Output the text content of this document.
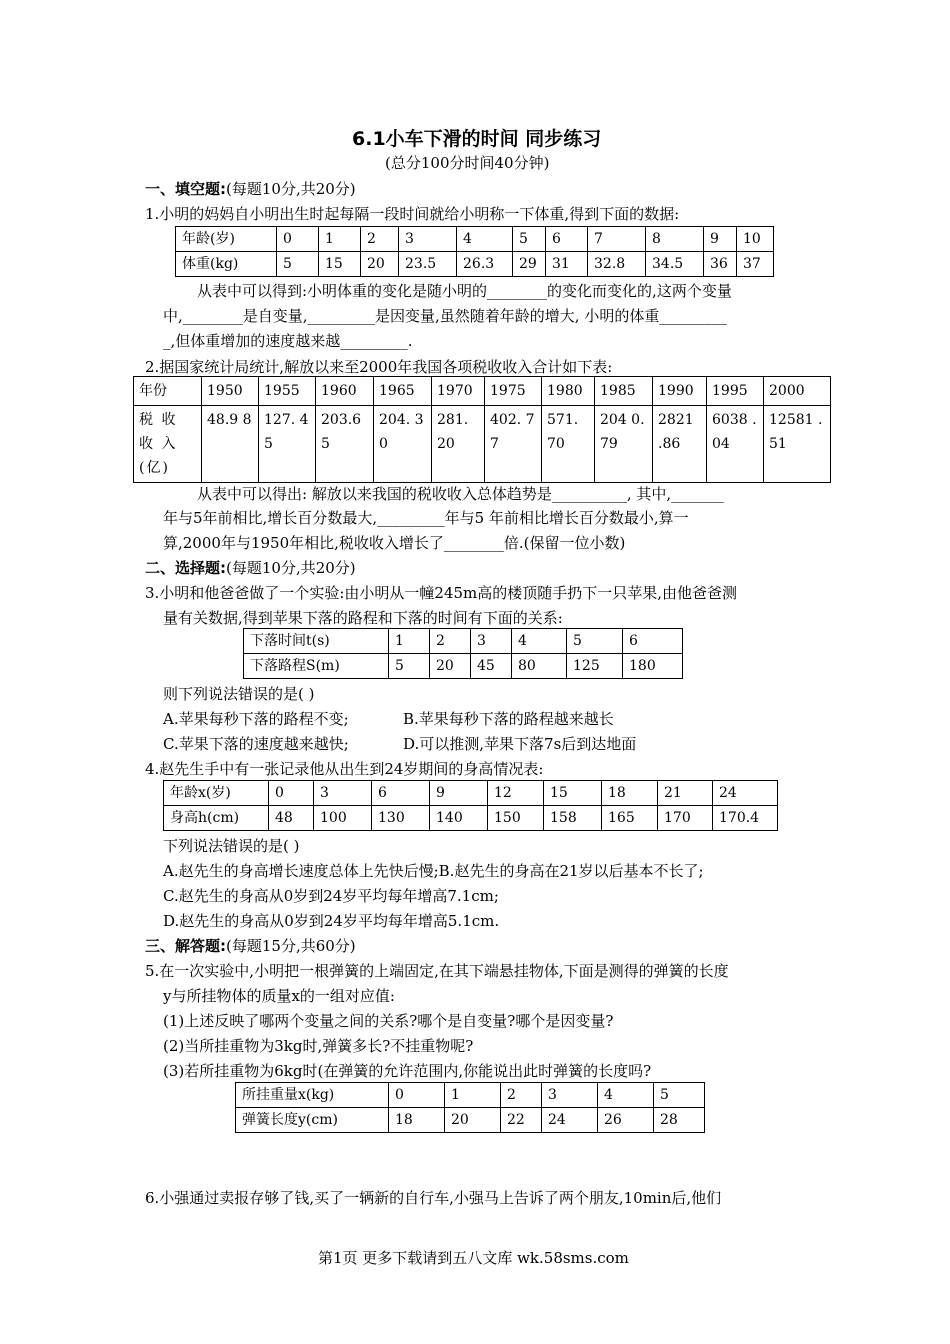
6.1小车下滑的时间 同步练习
(总分100分时间40分钟)
一、填空题:(每题10分,共20分)
1.小明的妈妈自小明出生时起每隔一段时间就给小明称一下体重,得到下面的数据:
年龄(岁)	0	1	2	3	4	5	6	7	8	9	10
体重(kg)	5	15	20	23.5	26.3	29	31	32.8	34.5	36	37
从表中可以得到:小明体重的变化是随小明的________的变化而变化的,这两个变量
中,________是自变量,_________是因变量,虽然随着年龄的增大, 小明的体重_________
_,但体重增加的速度越来越_________.
2.据国家统计局统计,解放以来至2000年我国各项税收收入合计如下表:
年份	1950	1955	1960	1965	1970	1975	1980	1985	1990	1995	2000
税 收 收 入 (亿)	48.9 8	127. 45	203.6 5	204. 30	281. 20	402. 77	571. 70	204 0.79	2821 .86	6038 .04	12581 .51
从表中可以得出: 解放以来我国的税收收入总体趋势是__________, 其中,_______
年与5年前相比,增长百分数最大,_________年与5 年前相比增长百分数最小,算一
算,2000年与1950年相比,税收收入增长了________倍.(保留一位小数)
二、选择题:(每题10分,共20分)
3.小明和他爸爸做了一个实验:由小明从一幢245m高的楼顶随手扔下一只苹果,由他爸爸测
量有关数据,得到苹果下落的路程和下落的时间有下面的关系:
下落时间t(s)	1	2	3	4	5	6
下落路程S(m)	5	20	45	80	125	180
则下列说法错误的是( )
A.苹果每秒下落的路程不变;	B.苹果每秒下落的路程越来越长
C.苹果下落的速度越来越快;	D.可以推测,苹果下落7s后到达地面
4.赵先生手中有一张记录他从出生到24岁期间的身高情况表:
年龄x(岁)	0	3	6	9	12	15	18	21	24
身高h(cm)	48	100	130	140	150	158	165	170	170.4
下列说法错误的是( )
A.赵先生的身高增长速度总体上先快后慢;B.赵先生的身高在21岁以后基本不长了;
C.赵先生的身高从0岁到24岁平均每年增高7.1cm;
D.赵先生的身高从0岁到24岁平均每年增高5.1cm.
三、解答题:(每题15分,共60分)
5.在一次实验中,小明把一根弹簧的上端固定,在其下端悬挂物体,下面是测得的弹簧的长度
y与所挂物体的质量x的一组对应值:
(1)上述反映了哪两个变量之间的关系?哪个是自变量?哪个是因变量?
(2)当所挂重物为3kg时,弹簧多长?不挂重物呢?
(3)若所挂重物为6kg时(在弹簧的允许范围内,你能说出此时弹簧的长度吗?
所挂重量x(kg)	0	1	2	3	4	5
弹簧长度y(cm)	18	20	22	24	26	28
6.小强通过卖报存够了钱,买了一辆新的自行车,小强马上告诉了两个朋友,10min后,他们
第1页 更多下载请到五八文库 wk.58sms.com
